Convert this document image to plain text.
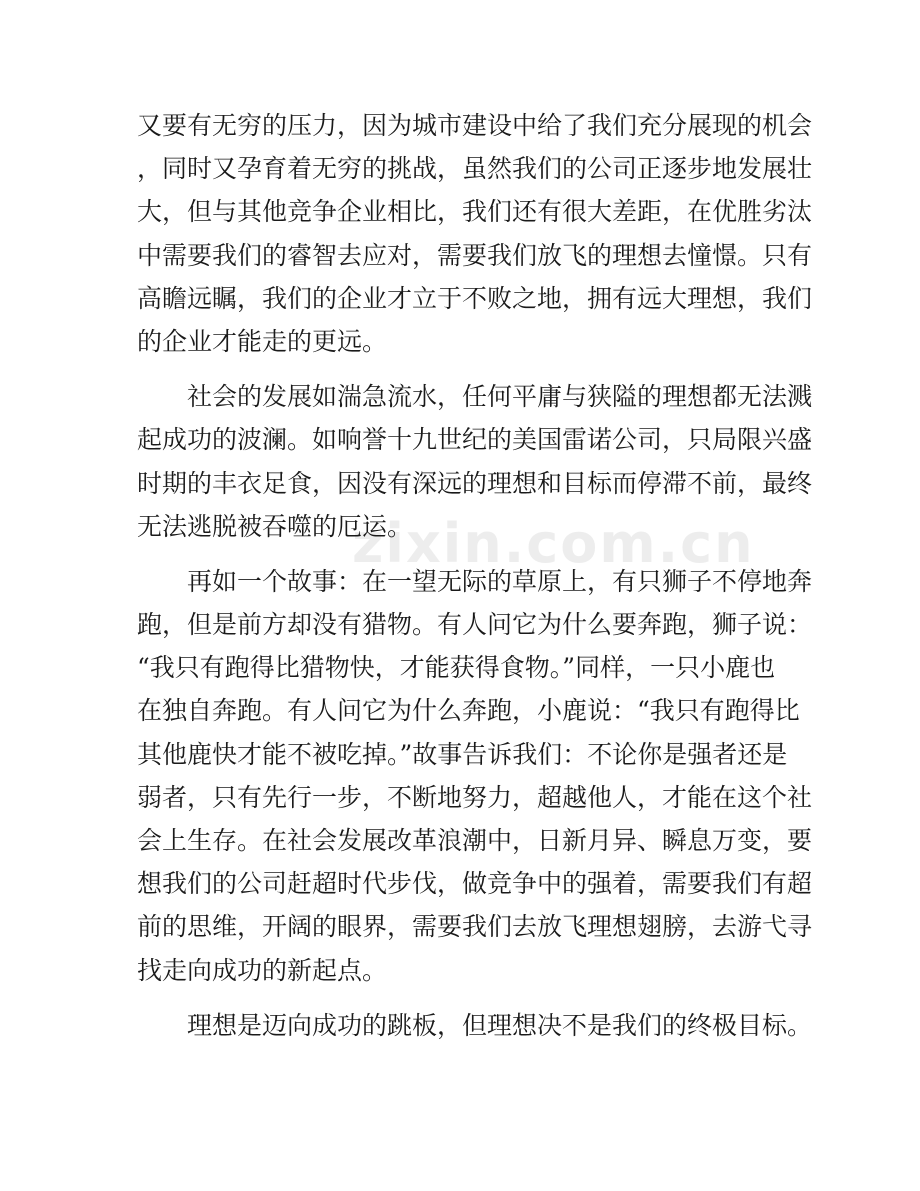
zixin.com.cn
又要有无穷的压力，因为城市建设中给了我们充分展现的机会
，同时又孕育着无穷的挑战，虽然我们的公司正逐步地发展壮
大，但与其他竞争企业相比，我们还有很大差距，在优胜劣汰
中需要我们的睿智去应对，需要我们放飞的理想去憧憬。只有
高瞻远瞩，我们的企业才立于不败之地，拥有远大理想，我们
的企业才能走的更远。
社会的发展如湍急流水，任何平庸与狭隘的理想都无法溅
起成功的波澜。如响誉十九世纪的美国雷诺公司，只局限兴盛
时期的丰衣足食，因没有深远的理想和目标而停滞不前，最终
无法逃脱被吞噬的厄运。
再如一个故事：在一望无际的草原上，有只狮子不停地奔
跑，但是前方却没有猎物。有人问它为什么要奔跑，狮子说：
“我只有跑得比猎物快，才能获得食物。”同样，一只小鹿也
在独自奔跑。有人问它为什么奔跑，小鹿说：“我只有跑得比
其他鹿快才能不被吃掉。”故事告诉我们：不论你是强者还是
弱者，只有先行一步，不断地努力，超越他人，才能在这个社
会上生存。在社会发展改革浪潮中，日新月异、瞬息万变，要
想我们的公司赶超时代步伐，做竞争中的强着，需要我们有超
前的思维，开阔的眼界，需要我们去放飞理想翅膀，去游弋寻
找走向成功的新起点。
理想是迈向成功的跳板，但理想决不是我们的终极目标。
